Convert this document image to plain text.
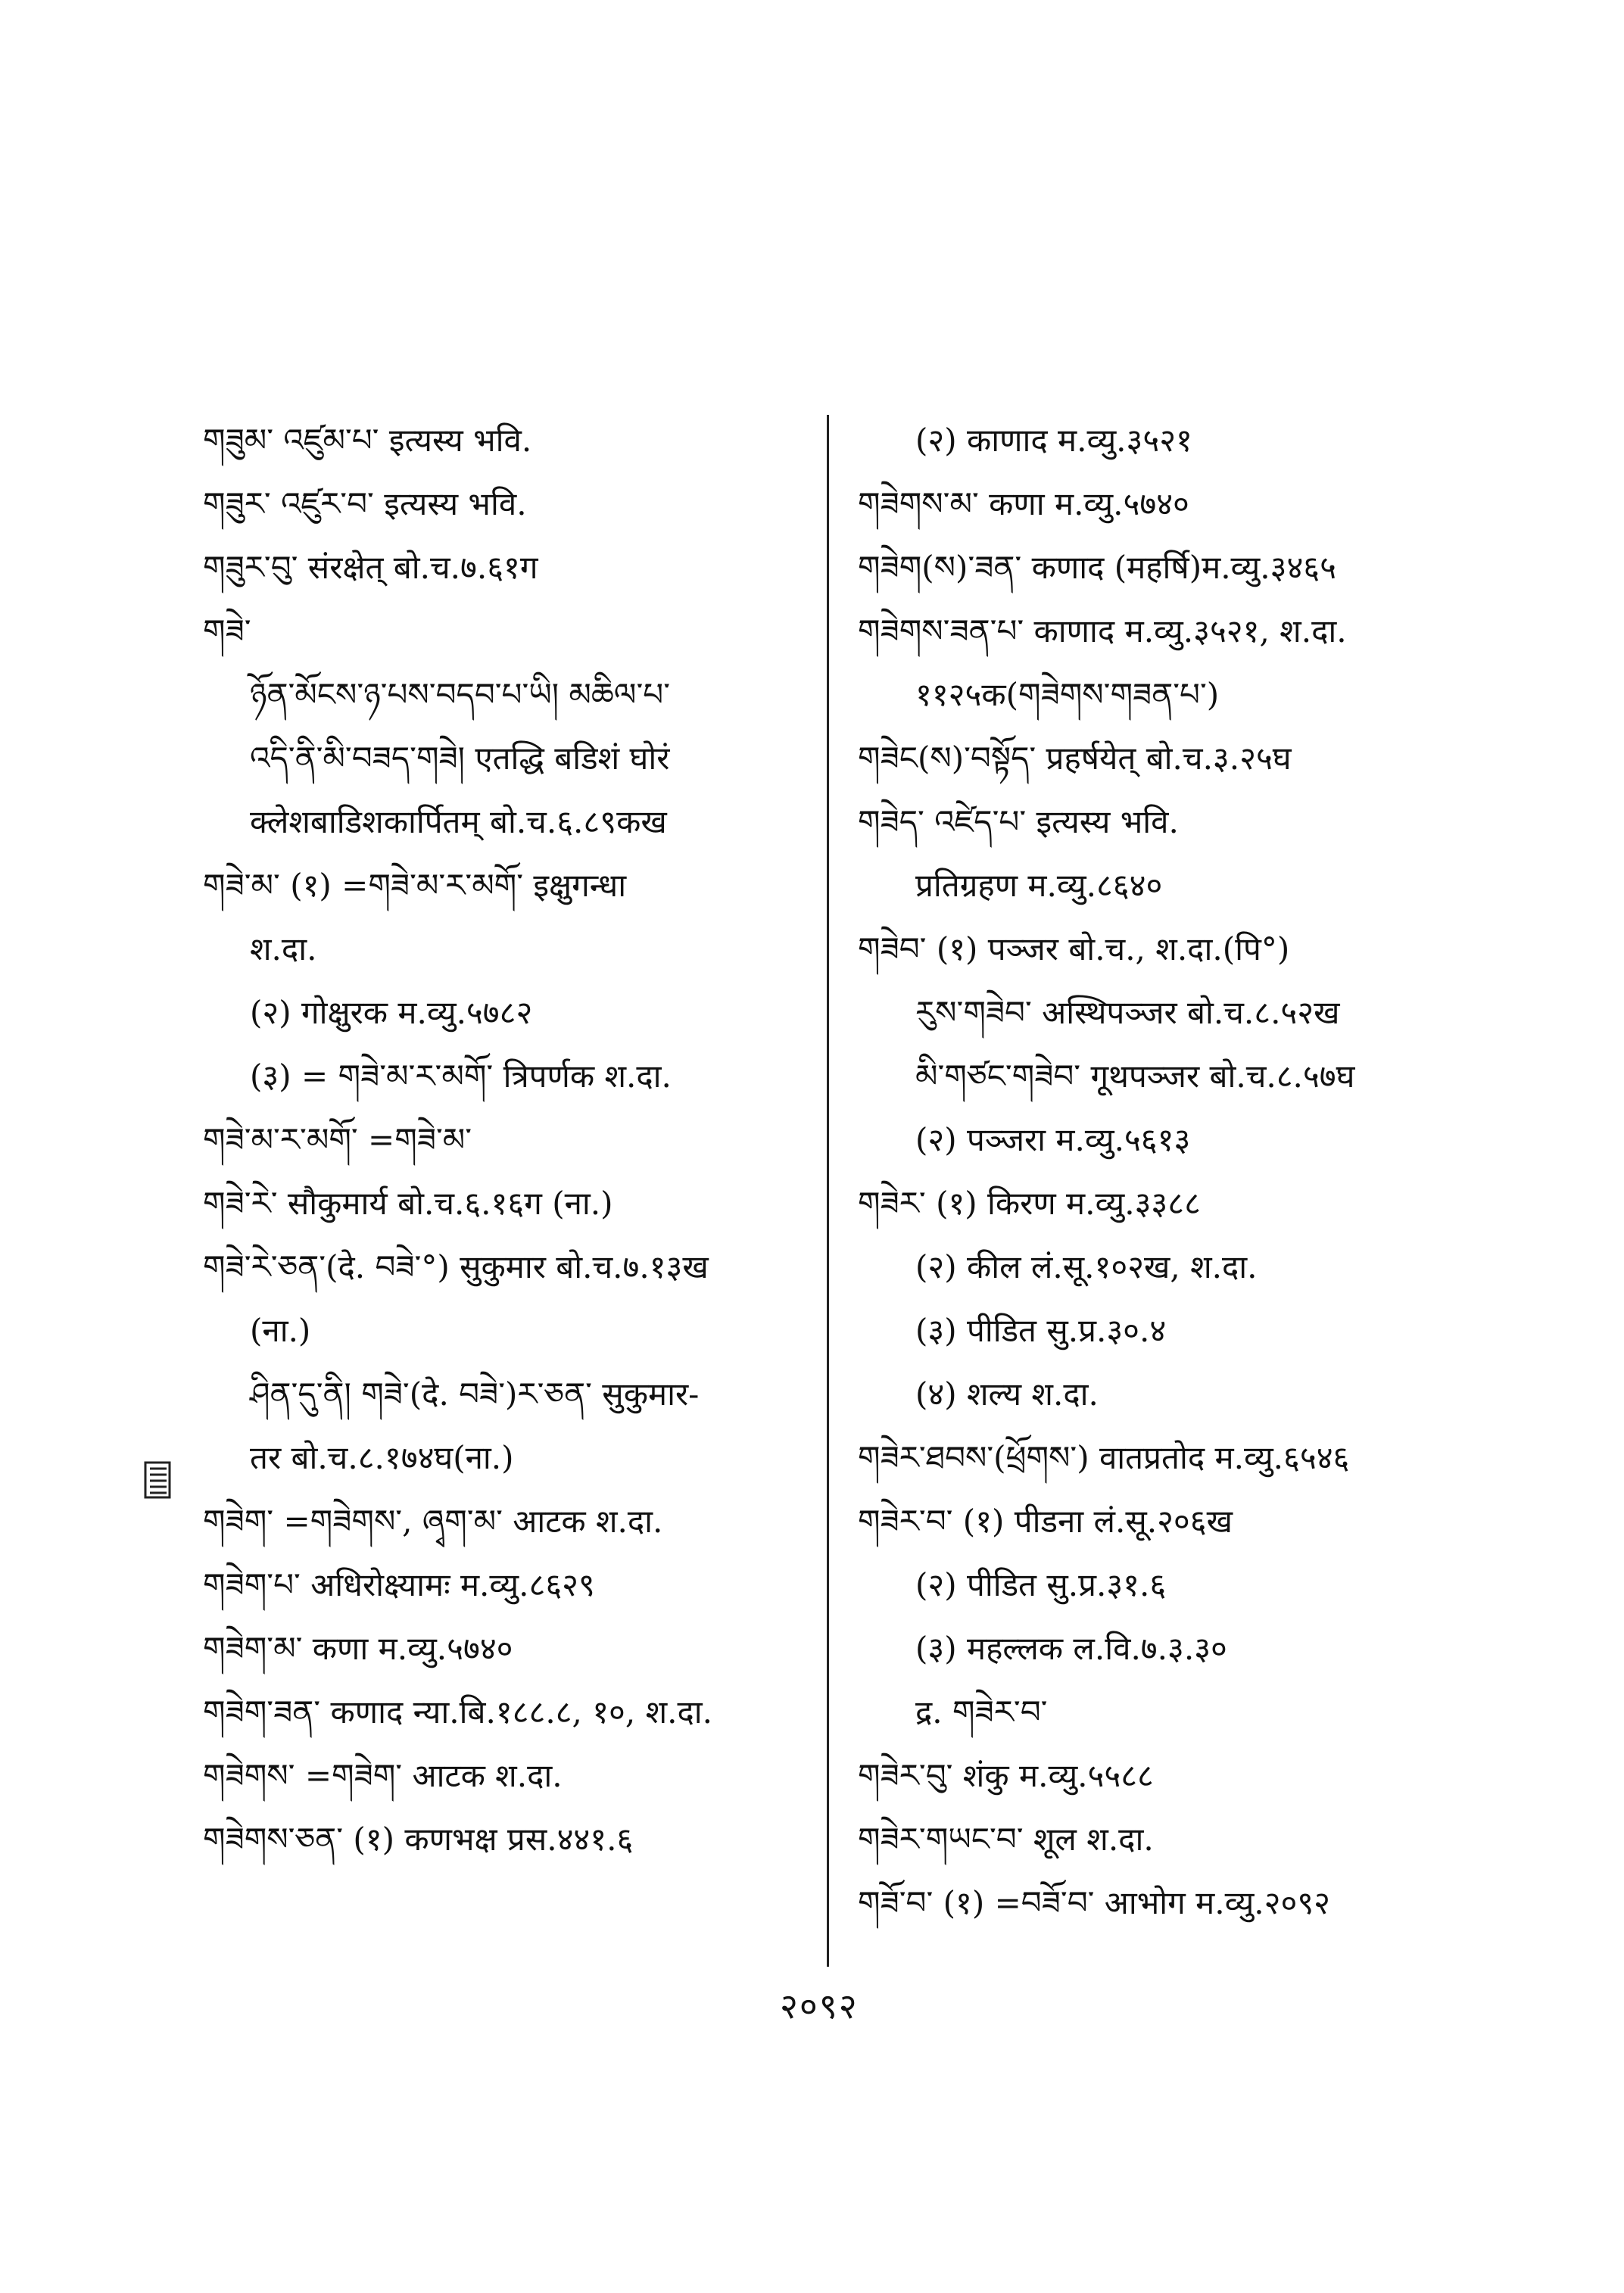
གཟུམ་ འཛུམ་པ་ इत्यस्य भवि.
གཟུར་ འཛུར་བ་ इत्यस्य भवि.
གཟུར་བུ་ संरक्षेत् बो.च.७.६१ग
གཟེ་
ཉོན་མོངས་ཉ་པས་བདབ་པ་ཡི། མཆིལ་པ་
འདི་ནི་མི་བཟད་གཟེ། एतद्धि बडिशं घोरं
क्लेशबाडिशकार्पितम् बो.च.६.८९कख
གཟེ་མ་ (१) =གཟེ་མ་ར་མགོ་ इक्षुगन्धा
श.दा.
(२) गोक्षुरक म.व्यु.५७८२
(३) = གཟེ་མ་ར་མགོ་ त्रिपर्णक श.दा.
གཟེ་མ་ར་མགོ་ =གཟེ་མ་
གཟེ་རེ་ सौकुमार्य बो.च.६.१६ग (ना.)
གཟེ་རེ་ཅན་(दे. བཟེ་°) सुकुमार बो.च.७.१३ख
(ना.)
ཤིན་དུ་ནི། གཟེ་(दे. བཟེ་)ར་ཅན་ सुकुमार-
तर बो.च.८.१७४घ(ना.)
གཟེག་ =གཟེགས་, ཞྭག་མ་ आटक श.दा.
གཟེག་པ་ अधिरोक्ष्यामः म.व्यु.८६२९
གཟེག་མ་ कणा म.व्यु.५७४०
གཟེག་ཟན་ कणाद न्या.बि.१८८.८, १०, श.दा.
གཟེགས་ =གཟེག་ आटक श.दा.
གཟེགས་ཅན་ (१) कणभक्ष प्रस.४४१.६
(२) काणाद म.व्यु.३५२१
གཟེགས་མ་ कणा म.व्यु.५७४०
གཟེག(ས)་ཟན་ कणाद (महर्षि)म.व्यु.३४६५
གཟེགས་ཟན་པ་ काणाद म.व्यु.३५२१, श.दा.
११२५क(གཟེགས་གཟན་པ་)
གཟེང(ས)་བསྟོད་ प्रहर्षयेत् बो.च.३.२५घ
གཟེད་ འཛེད་པ་ इत्यस्य भवि.
प्रतिग्रहण म.व्यु.८६४०
གཟེབ་ (१) पञ्जर बो.च., श.दा.(पि°)
རུས་གཟེབ་ अस्थिपञ्जर बो.च.८.५२ख
མི་གཙང་གཟེབ་ गूथपञ्जर बो.च.८.५७घ
(२) पञ्जरा म.व्यु.५६१३
གཟེར་ (१) किरण म.व्यु.३३८८
(२) कील लं.सू.१०२ख, श.दा.
(३) पीडित सु.प्र.३०.४
(४) शल्य श.दा.
གཟེར་ཐབས་(ཕྲོགས་) वातप्रतोद म.व्यु.६५४६
གཟེར་བ་ (१) पीडना लं.सू.२०६ख
(२) पीडित सु.प्र.३१.६
(३) महल्लक ल.वि.७.३.३०
द्र. གཟེར་བ་
གཟེར་བུ་ शंकु म.व्यु.५५८८
གཟེར་གཡང་བ་ शूल श.दा.
གཟོ་བ་ (१) =བཟོ་བ་ आभोग म.व्यु.२०९२
२०९२
